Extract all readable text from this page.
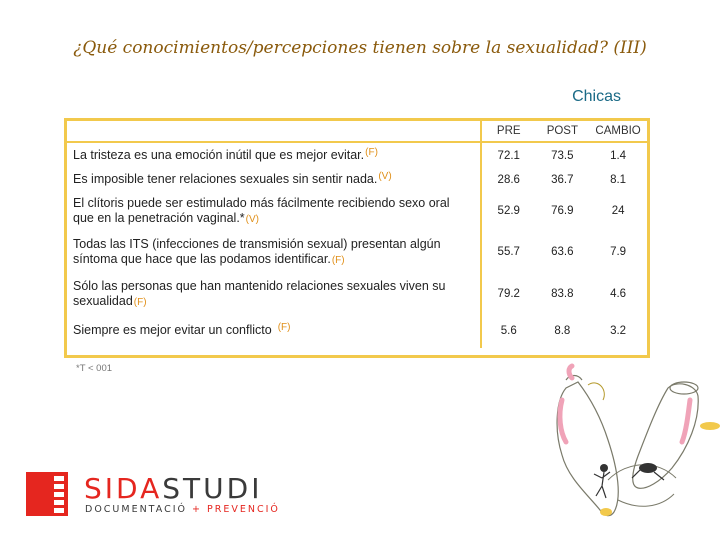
¿Qué conocimientos/percepciones tienen sobre la sexualidad? (III)
Chicas
	PRE	POST	CAMBIO
La tristeza es una emoción inútil que es mejor evitar.$^{(F)}$	72.1	73.5	1.4
Es imposible tener relaciones sexuales sin sentir nada.$^{(V)}$	28.6	36.7	8.1

El clítoris puede ser estimulado más fácilmente recibiendo sexo oral
que en la penetración vaginal.*(V)	52.9	76.9	24

Todas las ITS (infecciones de transmisión sexual) presentan algún
síntoma que hace que las podamos identificar.(F)	55.7	63.6	7.9

Sólo las personas que han mantenido relaciones sexuales viven su
sexualidad(F)	79.2	83.8	4.6
Siempre es mejor evitar un conflicto $^{(F)}$	5.6	8.8	3.2
*T < 001
SIDASTUDI
DOCUMENTACIÓ + PREVENCIÓ
